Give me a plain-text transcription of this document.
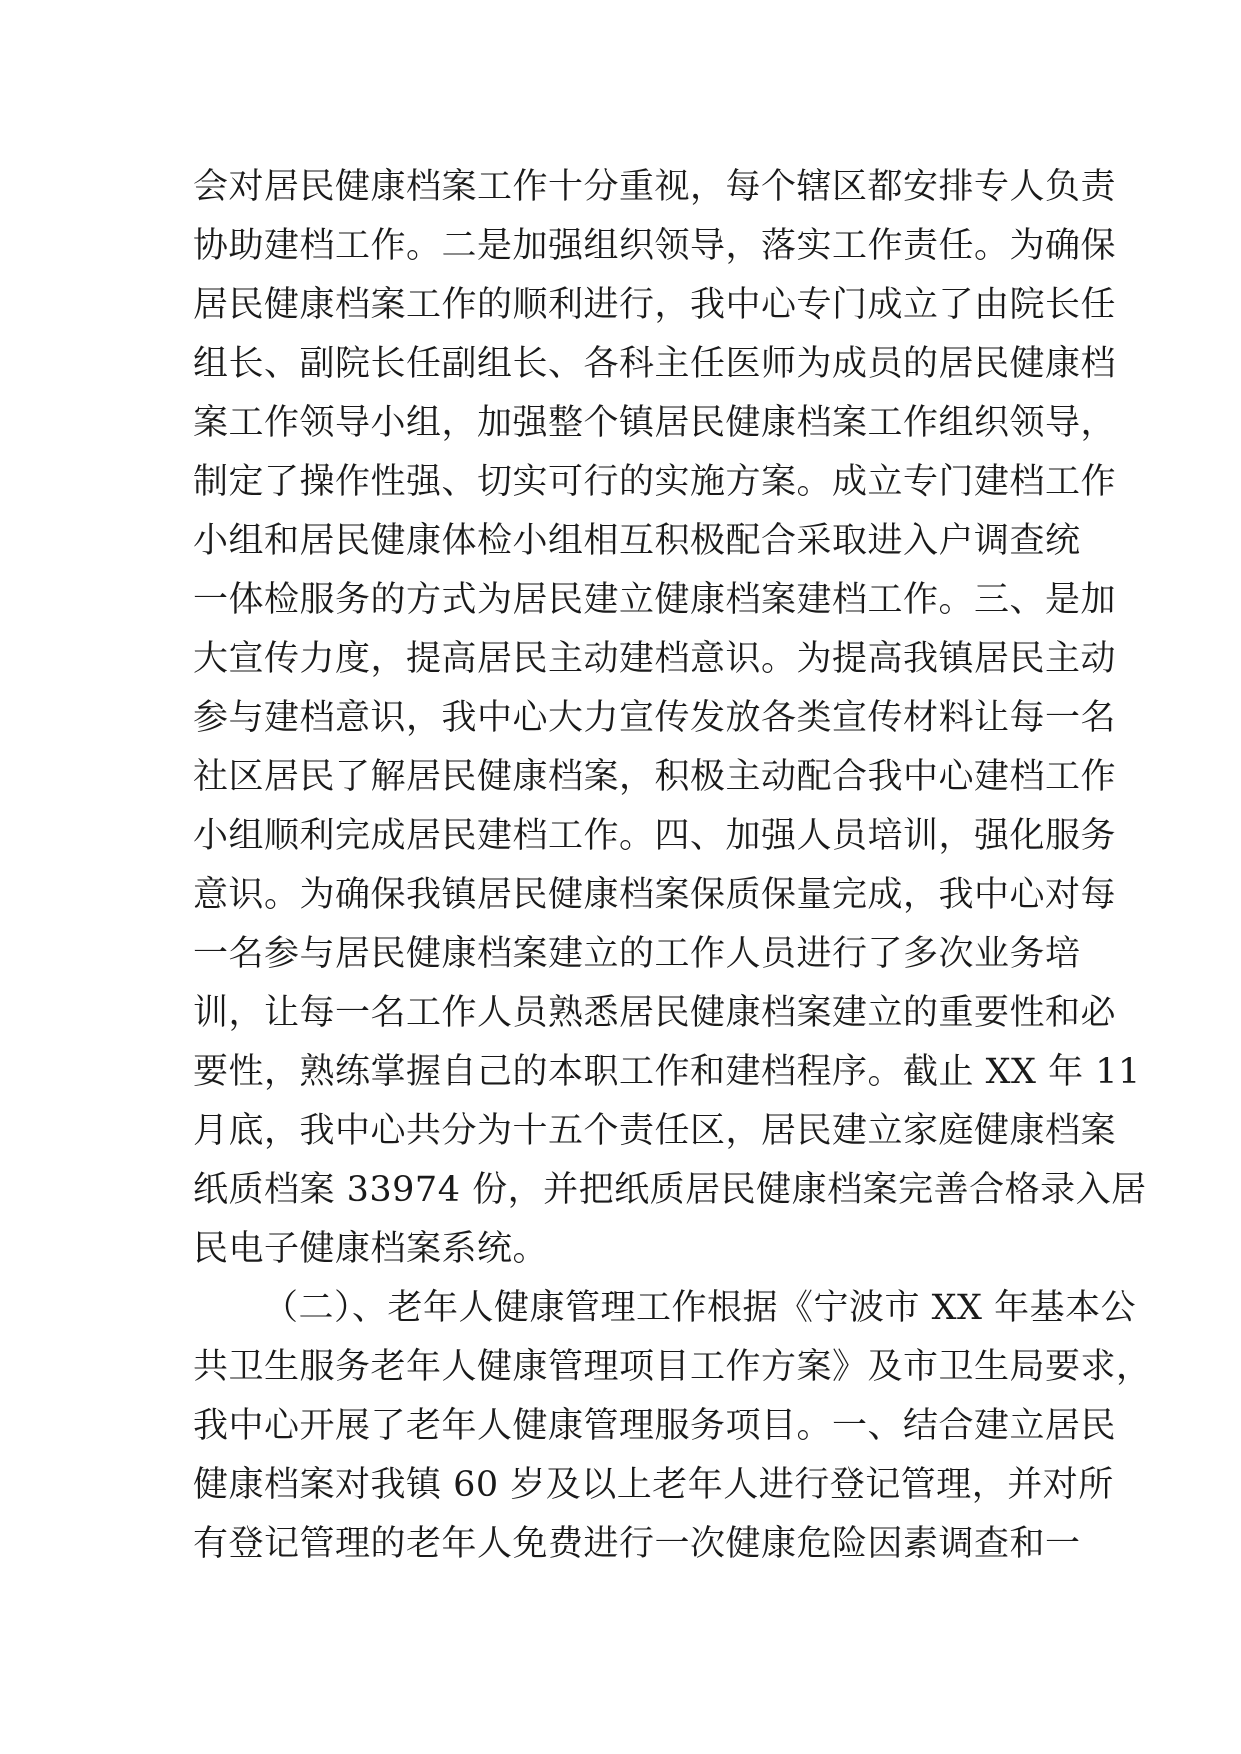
会对居民健康档案工作十分重视，每个辖区都安排专人负责
协助建档工作。二是加强组织领导，落实工作责任。为确保
居民健康档案工作的顺利进行，我中心专门成立了由院长任
组长、副院长任副组长、各科主任医师为成员的居民健康档
案工作领导小组，加强整个镇居民健康档案工作组织领导，
制定了操作性强、切实可行的实施方案。成立专门建档工作
小组和居民健康体检小组相互积极配合采取进入户调查统
一体检服务的方式为居民建立健康档案建档工作。三、是加
大宣传力度，提高居民主动建档意识。为提高我镇居民主动
参与建档意识，我中心大力宣传发放各类宣传材料让每一名
社区居民了解居民健康档案，积极主动配合我中心建档工作
小组顺利完成居民建档工作。四、加强人员培训，强化服务
意识。为确保我镇居民健康档案保质保量完成，我中心对每
一名参与居民健康档案建立的工作人员进行了多次业务培
训，让每一名工作人员熟悉居民健康档案建立的重要性和必
要性，熟练掌握自己的本职工作和建档程序。截止 XX 年 11
月底，我中心共分为十五个责任区，居民建立家庭健康档案
纸质档案 33974 份，并把纸质居民健康档案完善合格录入居
民电子健康档案系统。
（二）、老年人健康管理工作根据《宁波市 XX 年基本公
共卫生服务老年人健康管理项目工作方案》及市卫生局要求，
我中心开展了老年人健康管理服务项目。一、结合建立居民
健康档案对我镇 60 岁及以上老年人进行登记管理，并对所
有登记管理的老年人免费进行一次健康危险因素调查和一
